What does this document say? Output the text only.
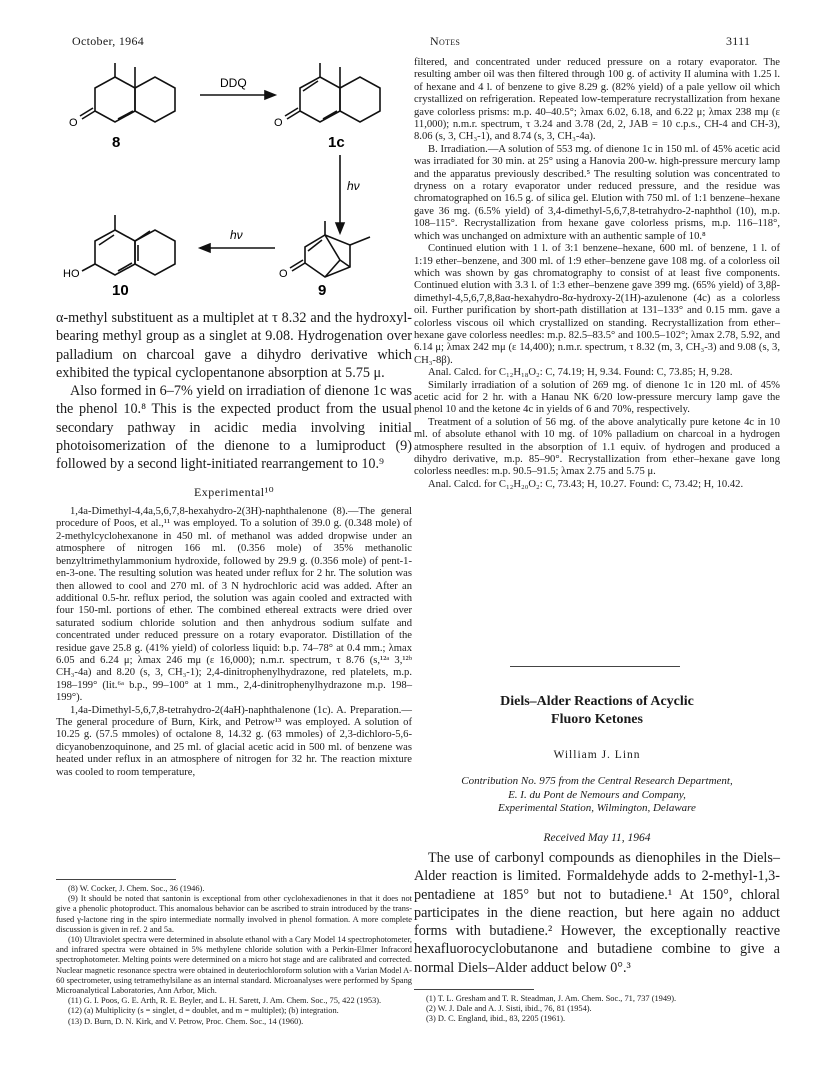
October, 1964	Notes	3111
8	1c
10	9
DDQ
hν
hν
O	O
HO	O

α-methyl substituent as a multiplet at τ 8.32 and the hydroxyl-bearing methyl group as a singlet at 9.08. Hydrogenation over palladium on charcoal gave a dihydro derivative which exhibited the typical cyclopentanone absorption at 5.75 μ.

Also formed in 6–7% yield on irradiation of dienone 1c was the phenol 10.⁸ This is the expected product from the usual secondary pathway in acidic media involving initial photoisomerization of the dienone to a lumiproduct (9) followed by a second light-initiated rearrangement to 10.⁹

Experimental¹⁰

1,4a-Dimethyl-4,4a,5,6,7,8-hexahydro-2(3H)-naphthalenone (8).—The general procedure of Poos, et al.,¹¹ was employed. To a solution of 39.0 g. (0.348 mole) of 2-methylcyclohexanone in 450 ml. of methanol was added dropwise under an atmosphere of nitrogen 166 ml. (0.356 mole) of 35% methanolic benzyltrimethylammonium hydroxide, followed by 29.9 g. (0.356 mole) of pent-1-en-3-one. The resulting solution was heated under reflux for 2 hr. The solution was then allowed to cool and 270 ml. of 3 N hydrochloric acid was added. After an additional 0.5-hr. reflux period, the solution was again cooled and extracted with four 150-ml. portions of ether. The combined ethereal extracts were dried over saturated sodium chloride solution and then anhydrous sodium sulfate and concentrated under reduced pressure on a rotary evaporator. Distillation of the residue gave 25.8 g. (41% yield) of colorless liquid: b.p. 74–78° at 0.4 mm.; λmax 6.05 and 6.24 μ; λmax 246 mμ (ε 16,000); n.m.r. spectrum, τ 8.76 (s,¹²ᵃ 3,¹²ᵇ CH₃-4a) and 8.20 (s, 3, CH₃-1); 2,4-dinitrophenylhydrazone, red platelets, m.p. 198–199° (lit.⁶ᵃ b.p., 99–100° at 1 mm., 2,4-dinitrophenylhydrazone m.p. 198–199°).

1,4a-Dimethyl-5,6,7,8-tetrahydro-2(4aH)-naphthalenone (1c). A. Preparation.—The general procedure of Burn, Kirk, and Petrow¹³ was employed. A solution of 10.25 g. (57.5 mmoles) of octalone 8, 14.32 g. (63 mmoles) of 2,3-dichloro-5,6-dicyanobenzoquinone, and 25 ml. of glacial acetic acid in 500 ml. of benzene was heated under reflux in an atmosphere of nitrogen for 32 hr. The reaction mixture was cooled to room temperature,

(8) W. Cocker, J. Chem. Soc., 36 (1946).

(9) It should be noted that santonin is exceptional from other cyclohexadienones in that it does not give a phenolic photoproduct. This anomalous behavior can be ascribed to strain introduced by the trans-fused γ-lactone ring in the spiro intermediate normally involved in phenol formation. A more complete discussion is given in ref. 2 and 5a.

(10) Ultraviolet spectra were determined in absolute ethanol with a Cary Model 14 spectrophotometer, and infrared spectra were obtained in 5% methylene chloride solution with a Perkin-Elmer Infracord spectrophotometer. Melting points were determined on a micro hot stage and are calibrated and corrected. Nuclear magnetic resonance spectra were obtained in deuteriochloroform solution with a Varian Model A-60 spectrometer, using tetramethylsilane as an internal standard. Microanalyses were performed by Spang Microanalytical Laboratories, Ann Arbor, Mich.

(11) G. I. Poos, G. E. Arth, R. E. Beyler, and L. H. Sarett, J. Am. Chem. Soc., 75, 422 (1953).

(12) (a) Multiplicity (s = singlet, d = doublet, and m = multiplet); (b) integration.

(13) D. Burn, D. N. Kirk, and V. Petrow, Proc. Chem. Soc., 14 (1960).

filtered, and concentrated under reduced pressure on a rotary evaporator. The resulting amber oil was then filtered through 100 g. of activity II alumina with 1.25 l. of hexane and 4 l. of benzene to give 8.29 g. (82% yield) of a pale yellow oil which crystallized on refrigeration. Repeated low-temperature recrystallization from hexane gave colorless prisms: m.p. 40–40.5°; λmax 6.02, 6.18, and 6.22 μ; λmax 238 mμ (ε 11,000); n.m.r. spectrum, τ 3.24 and 3.78 (2d, 2, JAB = 10 c.p.s., CH-4 and CH-3), 8.06 (s, 3, CH₃-1), and 8.74 (s, 3, CH₃-4a).

B. Irradiation.—A solution of 553 mg. of dienone 1c in 150 ml. of 45% acetic acid was irradiated for 30 min. at 25° using a Hanovia 200-w. high-pressure mercury lamp and the apparatus previously described.⁵ The resulting solution was concentrated to dryness on a rotary evaporator under reduced pressure, and the residue was chromatographed on 16.5 g. of silica gel. Elution with 750 ml. of 1:1 benzene–hexane gave 36 mg. (6.5% yield) of 3,4-dimethyl-5,6,7,8-tetrahydro-2-naphthol (10), m.p. 108–115°. Recrystallization from hexane gave colorless prisms, m.p. 116–118°, which was unchanged on admixture with an authentic sample of 10.⁸

Continued elution with 1 l. of 3:1 benzene–hexane, 600 ml. of benzene, 1 l. of 1:19 ether–benzene, and 300 ml. of 1:9 ether–benzene gave 108 mg. of a colorless oil which was shown by gas chromatography to consist of at least five components. Continued elution with 3.3 l. of 1:3 ether–benzene gave 399 mg. (65% yield) of 3,8β-dimethyl-4,5,6,7,8,8aα-hexahydro-8α-hydroxy-2(1H)-azulenone (4c) as a colorless oil. Further purification by short-path distillation at 131–133° and 0.15 mm. gave a colorless viscous oil which crystallized on standing. Recrystallization from ether–hexane gave colorless needles: m.p. 82.5–83.5° and 100.5–102°; λmax 2.78, 5.92, and 6.14 μ; λmax 242 mμ (ε 14,400); n.m.r. spectrum, τ 8.32 (m, 3, CH₃-3) and 9.08 (s, 3, CH₃-8β).

Anal. Calcd. for C₁₂H₁₈O₂: C, 74.19; H, 9.34. Found: C, 73.85; H, 9.28.

Similarly irradiation of a solution of 269 mg. of dienone 1c in 120 ml. of 45% acetic acid for 2 hr. with a Hanau NK 6/20 low-pressure mercury lamp gave the phenol 10 and the ketone 4c in yields of 6 and 70%, respectively.

Treatment of a solution of 56 mg. of the above analytically pure ketone 4c in 10 ml. of absolute ethanol with 10 mg. of 10% palladium on charcoal in a hydrogen atmosphere resulted in the absorption of 1.1 equiv. of hydrogen and produced a dihydro derivative, m.p. 85–90°. Recrystallization from ether–hexane gave long colorless needles: m.p. 90.5–91.5; λmax 2.75 and 5.75 μ.

Anal. Calcd. for C₁₂H₂₀O₂: C, 73.43; H, 10.27. Found: C, 73.42; H, 10.42.

Diels–Alder Reactions of Acyclic
Fluoro Ketones
William J. Linn
Contribution No. 975 from the Central Research Department,
E. I. du Pont de Nemours and Company,
Experimental Station, Wilmington, Delaware
Received May 11, 1964

The use of carbonyl compounds as dienophiles in the Diels–Alder reaction is limited. Formaldehyde adds to 2-methyl-1,3-pentadiene at 185° but not to butadiene.¹ At 150°, chloral participates in the diene reaction, but here again no adduct forms with butadiene.² However, the exceptionally reactive hexafluorocyclobutanone and butadiene combine to give a normal Diels–Alder adduct below 0°.³

(1) T. L. Gresham and T. R. Steadman, J. Am. Chem. Soc., 71, 737 (1949).

(2) W. J. Dale and A. J. Sisti, ibid., 76, 81 (1954).

(3) D. C. England, ibid., 83, 2205 (1961).
